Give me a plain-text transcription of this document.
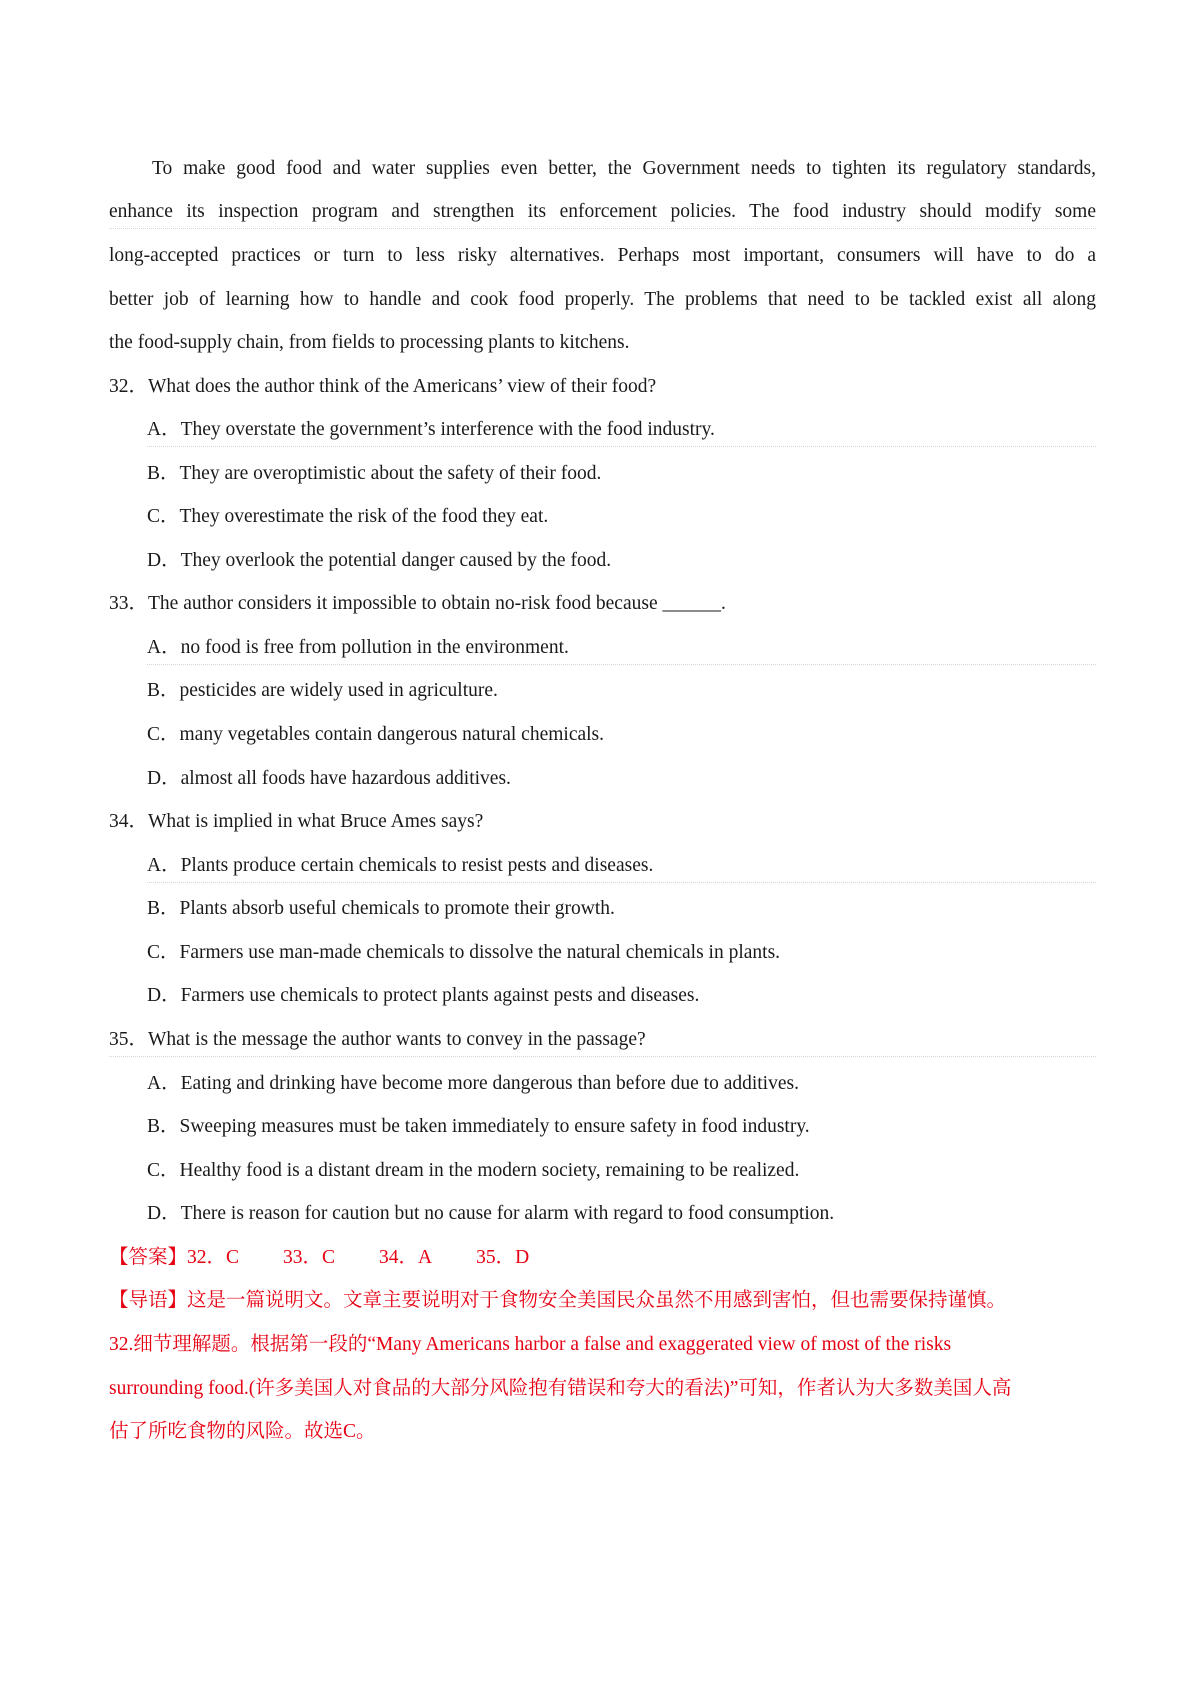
To make good food and water supplies even better, the Government needs to tighten its regulatory standards,
enhance its inspection program and strengthen its enforcement policies. The food industry should modify some
long-accepted practices or turn to less risky alternatives. Perhaps most important, consumers will have to do a
better job of learning how to handle and cook food properly. The problems that need to be tackled exist all along
the food-supply chain, from fields to processing plants to kitchens.
32．What does the author think of the Americans’ view of their food?
A．They overstate the government’s interference with the food industry.
B．They are overoptimistic about the safety of their food.
C．They overestimate the risk of the food they eat.
D．They overlook the potential danger caused by the food.
33．The author considers it impossible to obtain no-risk food because ______.
A．no food is free from pollution in the environment.
B．pesticides are widely used in agriculture.
C．many vegetables contain dangerous natural chemicals.
D．almost all foods have hazardous additives.
34．What is implied in what Bruce Ames says?
A．Plants produce certain chemicals to resist pests and diseases.
B．Plants absorb useful chemicals to promote their growth.
C．Farmers use man-made chemicals to dissolve the natural chemicals in plants.
D．Farmers use chemicals to protect plants against pests and diseases.
35．What is the message the author wants to convey in the passage?
A．Eating and drinking have become more dangerous than before due to additives.
B．Sweeping measures must be taken immediately to ensure safety in food industry.
C．Healthy food is a distant dream in the modern society, remaining to be realized.
D．There is reason for caution but no cause for alarm with regard to food consumption.
【答案】32．C 33．C 34．A 35．D
【导语】这是一篇说明文。文章主要说明对于食物安全美国民众虽然不用感到害怕，但也需要保持谨慎。
32.细节理解题。根据第一段的“Many Americans harbor a false and exaggerated view of most of the risks
surrounding food.(许多美国人对食品的大部分风险抱有错误和夸大的看法)”可知，作者认为大多数美国人高
估了所吃食物的风险。故选C。
